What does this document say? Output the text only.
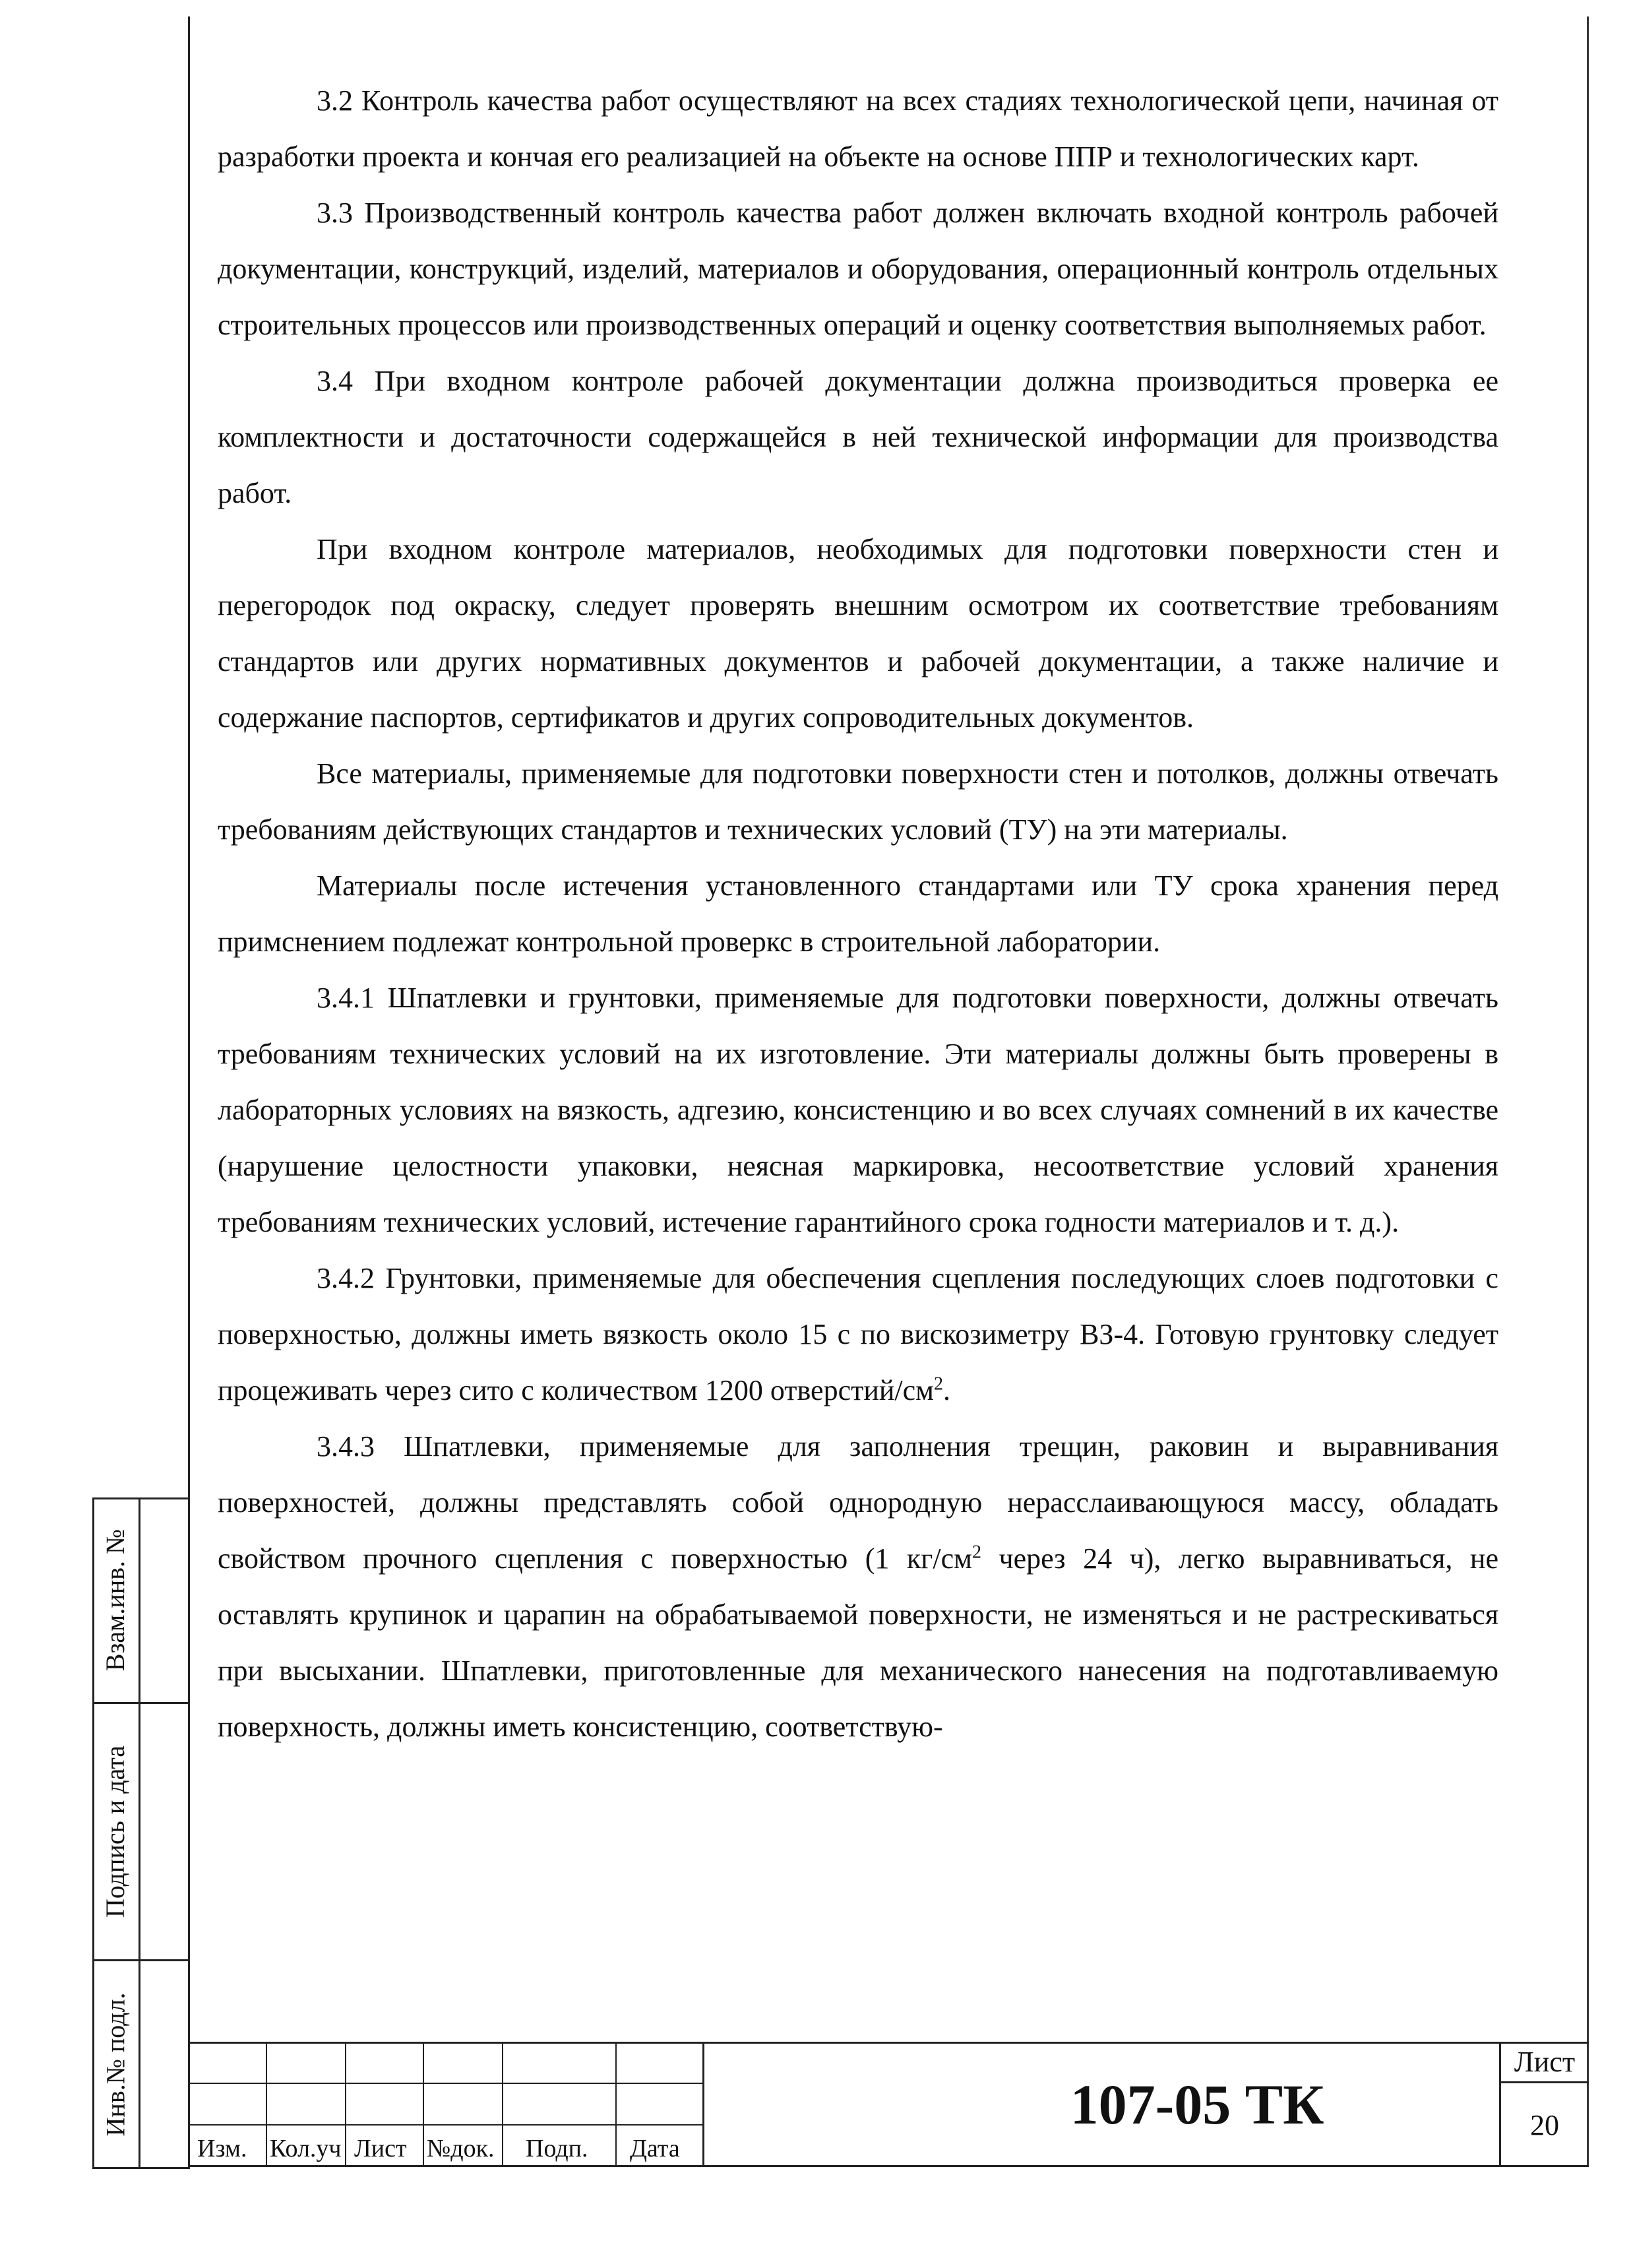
3.2 Контроль качества работ осуществляют на всех стадиях технологической цепи, начиная от разработки проекта и кончая его реализацией на объекте на основе ППР и технологических карт.

3.3 Производственный контроль качества работ должен включать входной контроль рабочей документации, конструкций, изделий, материалов и оборудования, операционный контроль отдельных строительных процессов или производственных операций и оценку соответствия выполняемых работ.

3.4 При входном контроле рабочей документации должна производиться проверка ее комплектности и достаточности содержащейся в ней технической информации для производства работ.

При входном контроле материалов, необходимых для подготовки поверхности стен и перегородок под окраску, следует проверять внешним осмотром их соответствие требованиям стандартов или других нормативных документов и рабочей документации, а также наличие и содержание паспортов, сертификатов и других сопроводительных документов.

Все материалы, применяемые для подготовки поверхности стен и потолков, должны отвечать требованиям действующих стандартов и технических условий (ТУ) на эти материалы.

Материалы после истечения установленного стандартами или ТУ срока хранения перед примснением подлежат контрольной проверкс в строительной лаборатории.

3.4.1 Шпатлевки и грунтовки, применяемые для подготовки поверхности, должны отвечать требованиям технических условий на их изготовление. Эти материалы должны быть проверены в лабораторных условиях на вязкость, адгезию, консистенцию и во всех случаях сомнений в их качестве (нарушение целостности упаковки, неясная маркировка, несоответствие условий хранения требованиям технических условий, истечение гарантийного срока годности материалов и т. д.).

3.4.2 Грунтовки, применяемые для обеспечения сцепления последующих слоев подготовки с поверхностью, должны иметь вязкость около 15 с по вискозиметру ВЗ-4. Готовую грунтовку следует процеживать через сито с количеством 1200 отверстий/$см^2$.

3.4.3 Шпатлевки, применяемые для заполнения трещин, раковин и выравнивания поверхностей, должны представлять собой однородную нерасслаивающуюся массу, обладать свойством прочного сцепления с поверхностью (1 $кг/см^2$ через 24 ч), легко выравниваться, не оставлять крупинок и царапин на обрабатываемой поверхности, не изменяться и не растрескиваться при высыхании. Шпатлевки, приготовленные для механического нанесения на подготавливаемую поверхность, должны иметь консистенцию, соответствую-

Взам.инв. №
Подпись и дата
Инв.№ подл.
Изм. Кол.уч Лист №док. Подп. Дата
107-05 ТК
Лист
20
